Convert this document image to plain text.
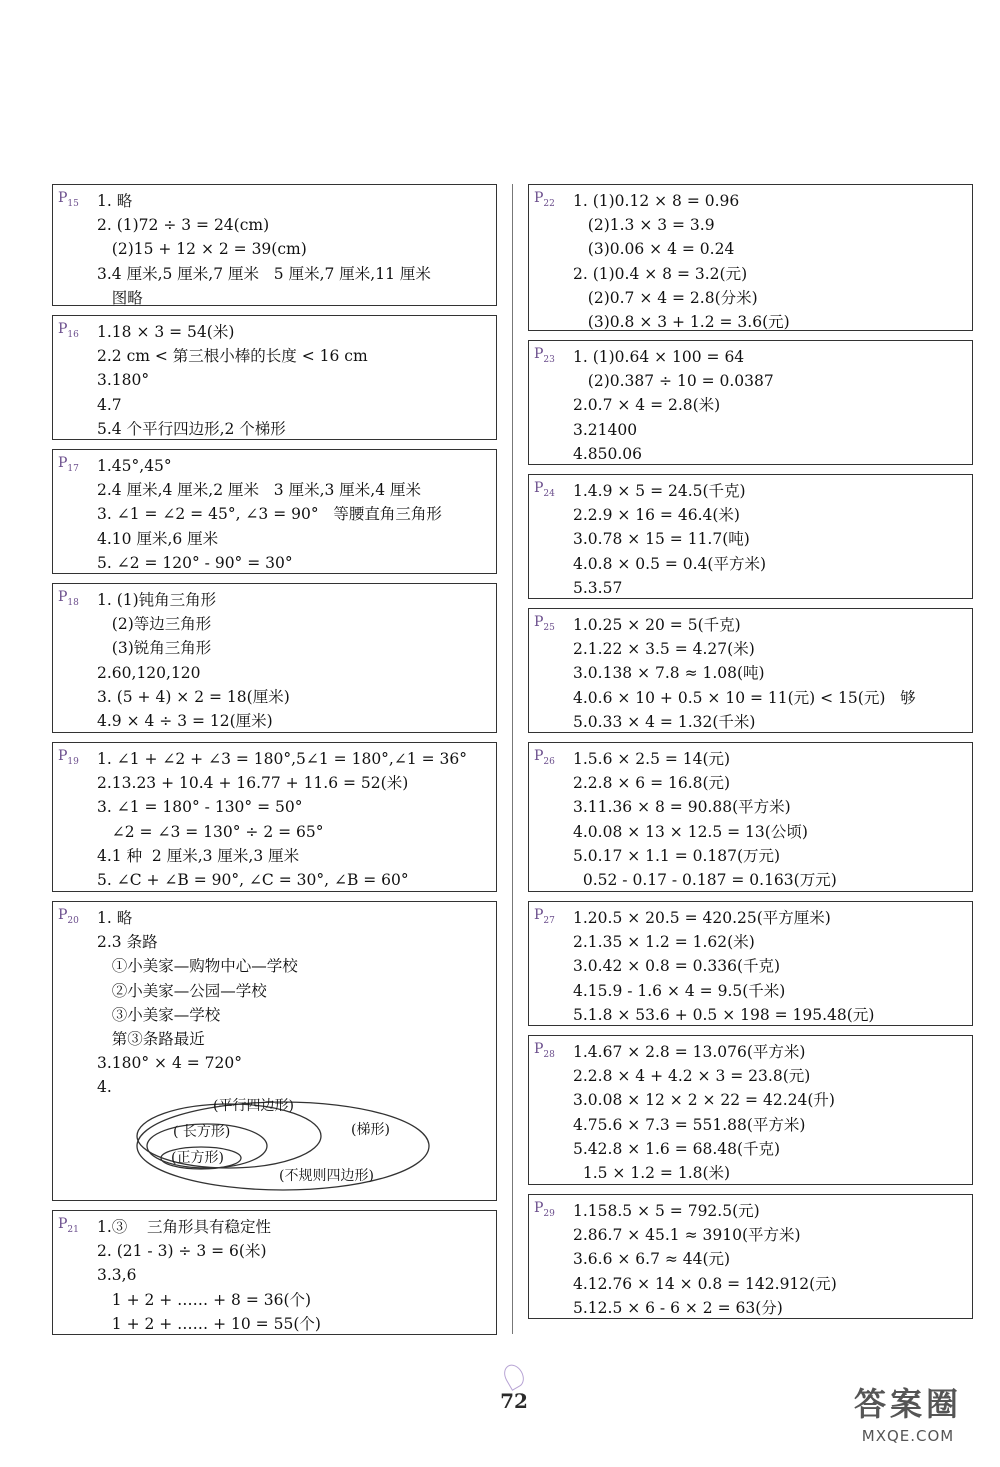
$P_{15}$ 1. 略
2. (1)72 ÷ 3 = 24(cm)
(2)15 + 12 × 2 = 39(cm)
3.4 厘米,5 厘米,7 厘米   5 厘米,7 厘米,11 厘米
图略
$P_{16}$ 1.18 × 3 = 54(米)
2.2 cm < 第三根小棒的长度 < 16 cm
3.180°
4.7
5.4 个平行四边形,2 个梯形
$P_{17}$ 1.45°,45°
2.4 厘米,4 厘米,2 厘米   3 厘米,3 厘米,4 厘米
3. ∠1 = ∠2 = 45°, ∠3 = 90°   等腰直角三角形
4.10 厘米,6 厘米
5. ∠2 = 120° - 90° = 30°
$P_{18}$ 1. (1)钝角三角形
(2)等边三角形
(3)锐角三角形
2.60,120,120
3. (5 + 4) × 2 = 18(厘米)
4.9 × 4 ÷ 3 = 12(厘米)
$P_{19}$ 1. ∠1 + ∠2 + ∠3 = 180°,5∠1 = 180°,∠1 = 36°
2.13.23 + 10.4 + 16.77 + 11.6 = 52(米)
3. ∠1 = 180° - 130° = 50°
∠2 = ∠3 = 130° ÷ 2 = 65°
4.1 种  2 厘米,3 厘米,3 厘米
5. ∠C + ∠B = 90°, ∠C = 30°, ∠B = 60°
$P_{20}$ 1. 略
2.3 条路
①小美家—购物中心—学校
②小美家—公园—学校
③小美家—学校
第③条路最近
3.180° × 4 = 720°
4.
(平行四边形)
( 长方形)
(正方形)
(梯形)
(不规则四边形)
$P_{21}$ 1.③    三角形具有稳定性
2. (21 - 3) ÷ 3 = 6(米)
3.3,6
1 + 2 + …… + 8 = 36(个)
1 + 2 + …… + 10 = 55(个)
$P_{22}$ 1. (1)0.12 × 8 = 0.96
(2)1.3 × 3 = 3.9
(3)0.06 × 4 = 0.24
2. (1)0.4 × 8 = 3.2(元)
(2)0.7 × 4 = 2.8(分米)
(3)0.8 × 3 + 1.2 = 3.6(元)
$P_{23}$ 1. (1)0.64 × 100 = 64
(2)0.387 ÷ 10 = 0.0387
2.0.7 × 4 = 2.8(米)
3.21400
4.850.06
$P_{24}$ 1.4.9 × 5 = 24.5(千克)
2.2.9 × 16 = 46.4(米)
3.0.78 × 15 = 11.7(吨)
4.0.8 × 0.5 = 0.4(平方米)
5.3.57
$P_{25}$ 1.0.25 × 20 = 5(千克)
2.1.22 × 3.5 = 4.27(米)
3.0.138 × 7.8 ≈ 1.08(吨)
4.0.6 × 10 + 0.5 × 10 = 11(元) < 15(元)   够
5.0.33 × 4 = 1.32(千米)
$P_{26}$ 1.5.6 × 2.5 = 14(元)
2.2.8 × 6 = 16.8(元)
3.11.36 × 8 = 90.88(平方米)
4.0.08 × 13 × 12.5 = 13(公顷)
5.0.17 × 1.1 = 0.187(万元)
0.52 - 0.17 - 0.187 = 0.163(万元)
$P_{27}$ 1.20.5 × 20.5 = 420.25(平方厘米)
2.1.35 × 1.2 = 1.62(米)
3.0.42 × 0.8 = 0.336(千克)
4.15.9 - 1.6 × 4 = 9.5(千米)
5.1.8 × 53.6 + 0.5 × 198 = 195.48(元)
$P_{28}$ 1.4.67 × 2.8 = 13.076(平方米)
2.2.8 × 4 + 4.2 × 3 = 23.8(元)
3.0.08 × 12 × 2 × 22 = 42.24(升)
4.75.6 × 7.3 = 551.88(平方米)
5.42.8 × 1.6 = 68.48(千克)
1.5 × 1.2 = 1.8(米)
$P_{29}$ 1.158.5 × 5 = 792.5(元)
2.86.7 × 45.1 ≈ 3910(平方米)
3.6.6 × 6.7 ≈ 44(元)
4.12.76 × 14 × 0.8 = 142.912(元)
5.12.5 × 6 - 6 × 2 = 63(分)
72	答案圈
MXQE.COM
